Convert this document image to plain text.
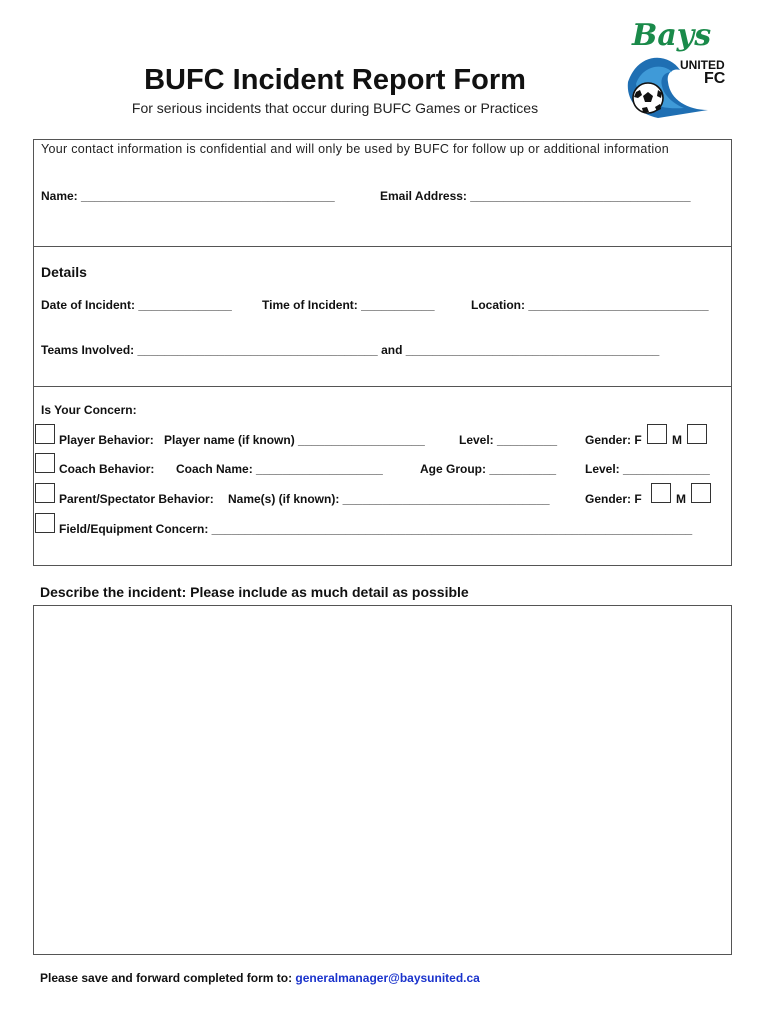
Bays
UNITED
FC
BUFC Incident Report Form
For serious incidents that occur during BUFC Games or Practices
Your contact information is confidential and will only be used by BUFC for follow up or additional information
Name: ______________________________________	Email Address: _________________________________
Details
Date of Incident: ______________	Time of Incident: ___________	Location: ___________________________
Teams Involved: ____________________________________ and ______________________________________
Is Your Concern:
Player Behavior: Player name (if known) ___________________	Level: _________ Gender: F	M
Coach Behavior: Coach Name: ___________________	Age Group: __________ Level: _____________
Parent/Spectator Behavior: Name(s) (if known): _______________________________	Gender: F	M
Field/Equipment Concern: ________________________________________________________________________
Describe the incident: Please include as much detail as possible
Please save and forward completed form to: generalmanager@baysunited.ca
